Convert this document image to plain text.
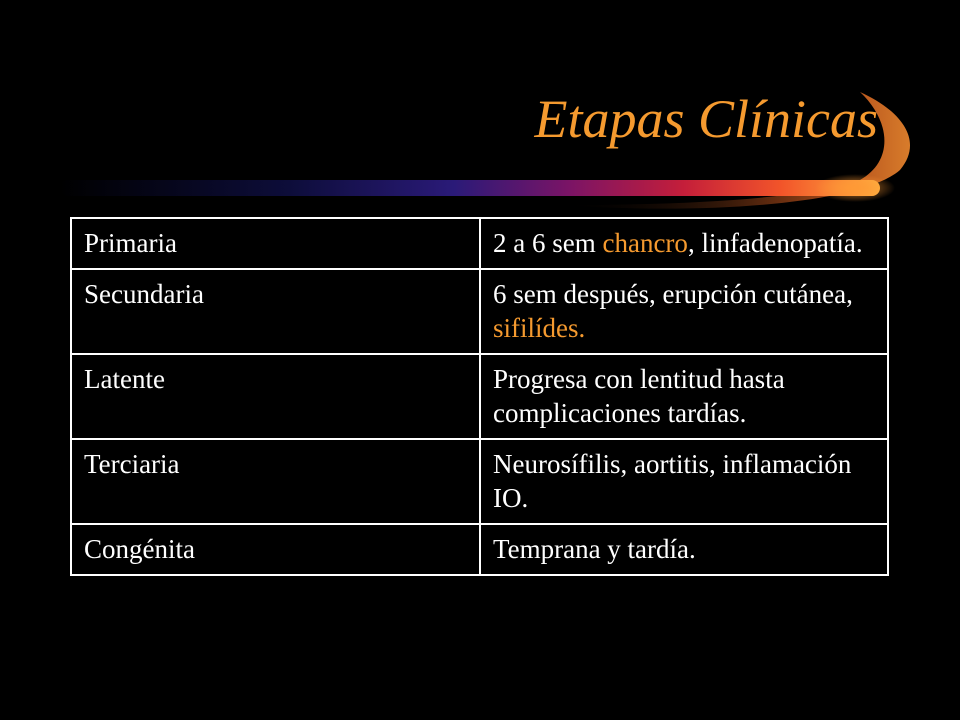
Etapas Clínicas
Primaria	2 a 6 sem chancro, linfadenopatía.
Secundaria	6 sem después, erupción cutánea, sifilídes.
Latente	Progresa con lentitud hasta complicaciones tardías.
Terciaria	Neurosífilis, aortitis, inflamación IO.
Congénita	Temprana y tardía.
